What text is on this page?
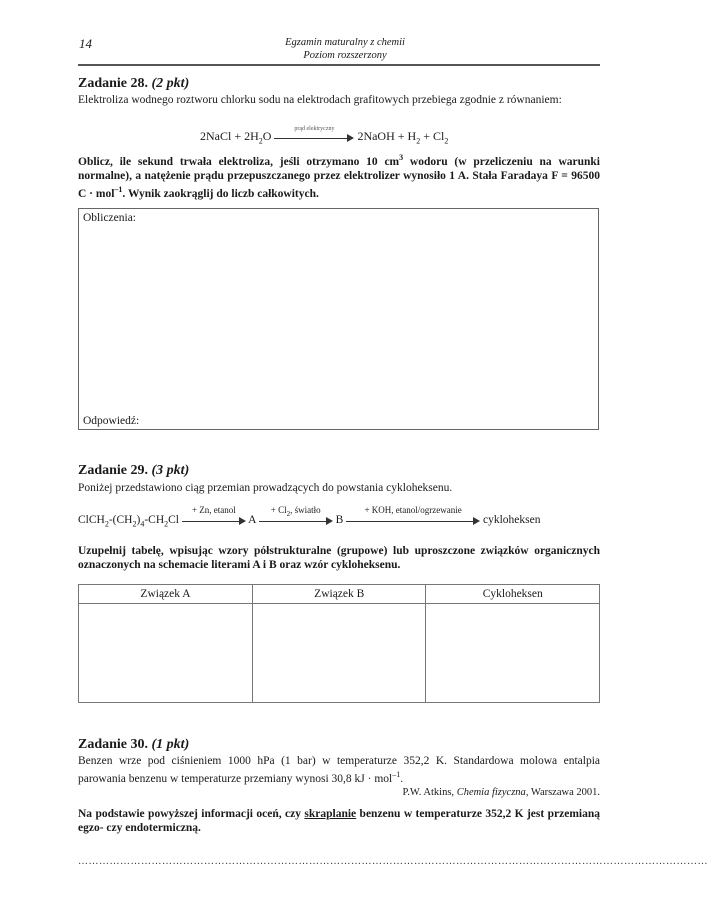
14	Egzamin maturalny z chemii
Poziom rozszerzony
Zadanie 28. (2 pkt)
Elektroliza wodnego roztworu chlorku sodu na elektrodach grafitowych przebiega zgodnie z równaniem:
2NaCl + $2H_2O$	prąd elektryczny	2NaOH + $H_2 + Cl_2$
Oblicz, ile sekund trwała elektroliza, jeśli otrzymano 10 $cm^3$ wodoru (w przeliczeniu na warunki normalne), a natężenie prądu przepuszczanego przez elektrolizer wynosiło 1 A. Stała Faradaya F = 96500 C · mol$^{-1}$. Wynik zaokrąglij do liczb całkowitych.
Obliczenia:
Odpowiedź:
Zadanie 29. (3 pkt)
Poniżej przedstawiono ciąg przemian prowadzących do powstania cykloheksenu.
$ClCH_2-(CH_2)_4-CH_2Cl$
+ Zn, etanol
A
+ $Cl_2$, światło
B
+ KOH, etanol/ogrzewanie
cykloheksen
Uzupełnij tabelę, wpisując wzory półstrukturalne (grupowe) lub uproszczone związków organicznych oznaczonych na schemacie literami A i B oraz wzór cykloheksenu.
Związek A	Związek B	Cykloheksen

Zadanie 30. (1 pkt)
Benzen wrze pod ciśnieniem 1000 hPa (1 bar) w temperaturze 352,2 K. Standardowa molowa entalpia parowania benzenu w temperaturze przemiany wynosi 30,8 kJ · mol$^{-1}$.
P.W. Atkins, Chemia fizyczna, Warszawa 2001.
Na podstawie powyższej informacji oceń, czy skraplanie benzenu w temperaturze 352,2 K jest przemianą egzo- czy endotermiczną.
………………………………………………………………………………………………………………………………………………………………
